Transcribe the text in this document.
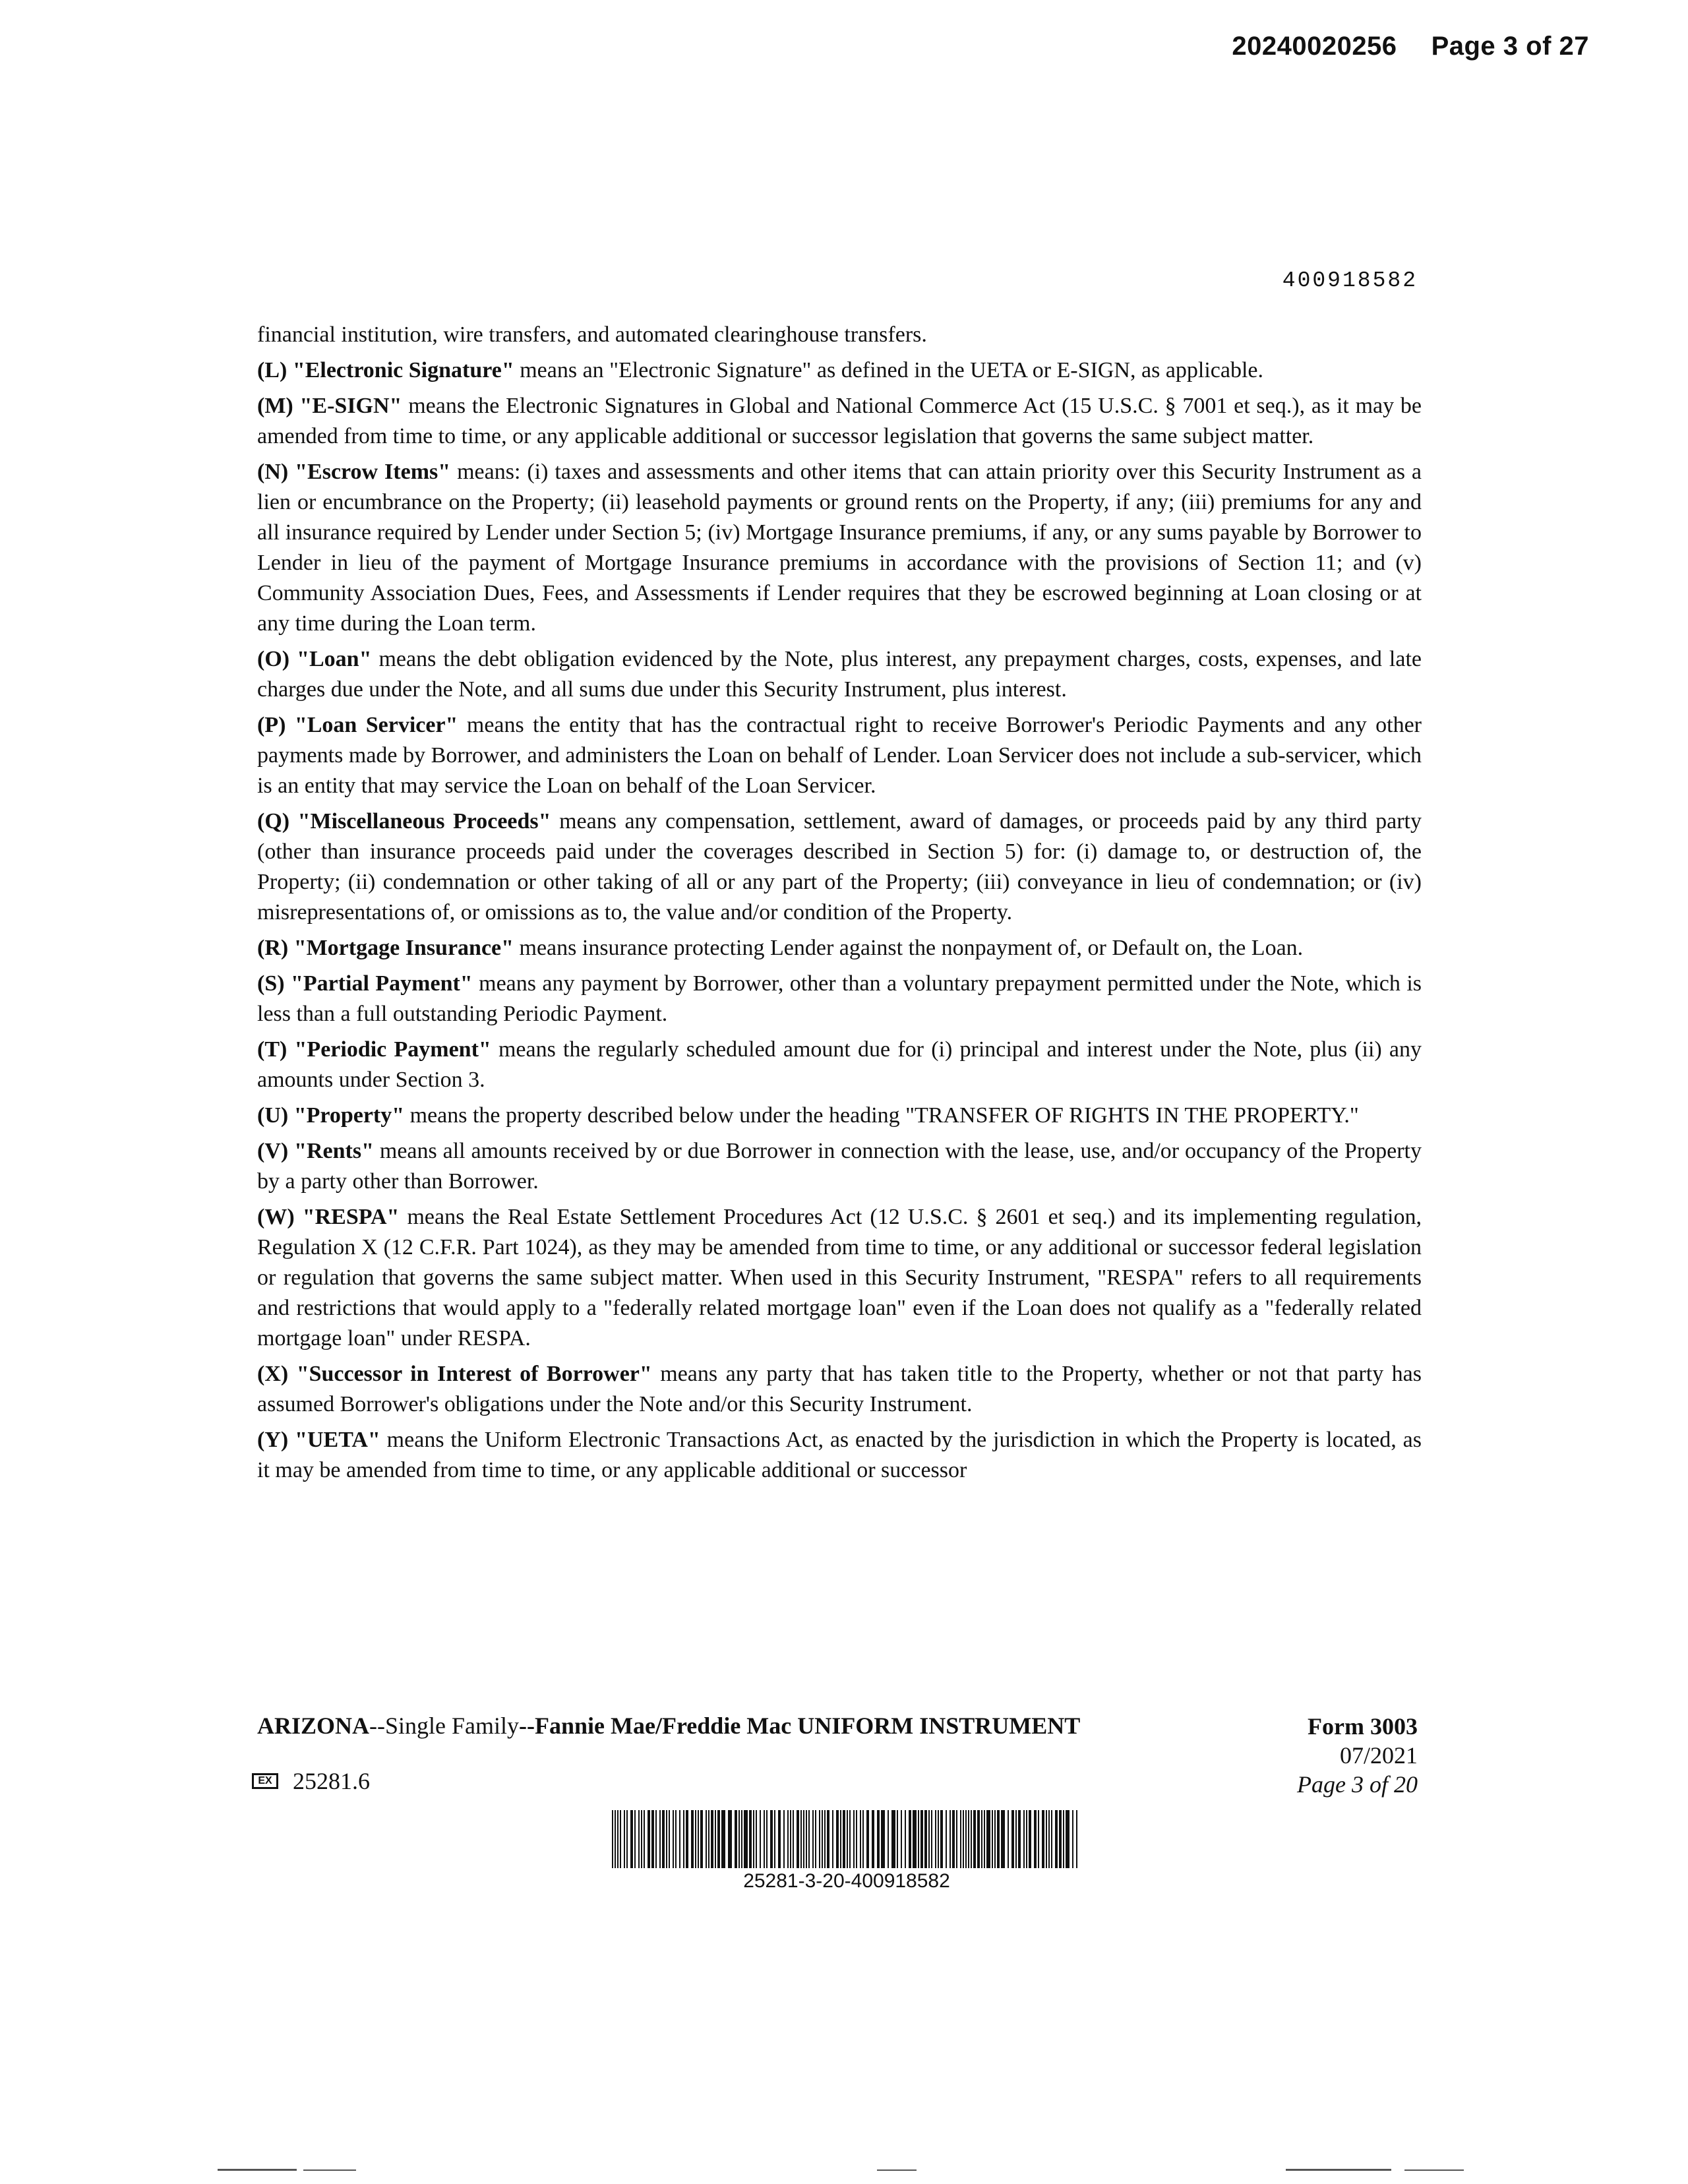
20240020256 Page 3 of 27
400918582

financial institution, wire transfers, and automated clearinghouse transfers.

(L) "Electronic Signature" means an "Electronic Signature" as defined in the UETA or E-SIGN, as applicable.

(M) "E-SIGN" means the Electronic Signatures in Global and National Commerce Act (15 U.S.C. § 7001 et seq.), as it may be amended from time to time, or any applicable additional or successor legislation that governs the same subject matter.

(N) "Escrow Items" means: (i) taxes and assessments and other items that can attain priority over this Security Instrument as a lien or encumbrance on the Property; (ii) leasehold payments or ground rents on the Property, if any; (iii) premiums for any and all insurance required by Lender under Section 5; (iv) Mortgage Insurance premiums, if any, or any sums payable by Borrower to Lender in lieu of the payment of Mortgage Insurance premiums in accordance with the provisions of Section 11; and (v) Community Association Dues, Fees, and Assessments if Lender requires that they be escrowed beginning at Loan closing or at any time during the Loan term.

(O) "Loan" means the debt obligation evidenced by the Note, plus interest, any prepayment charges, costs, expenses, and late charges due under the Note, and all sums due under this Security Instrument, plus interest.

(P) "Loan Servicer" means the entity that has the contractual right to receive Borrower's Periodic Payments and any other payments made by Borrower, and administers the Loan on behalf of Lender. Loan Servicer does not include a sub-servicer, which is an entity that may service the Loan on behalf of the Loan Servicer.

(Q) "Miscellaneous Proceeds" means any compensation, settlement, award of damages, or proceeds paid by any third party (other than insurance proceeds paid under the coverages described in Section 5) for: (i) damage to, or destruction of, the Property; (ii) condemnation or other taking of all or any part of the Property; (iii) conveyance in lieu of condemnation; or (iv) misrepresentations of, or omissions as to, the value and/or condition of the Property.

(R) "Mortgage Insurance" means insurance protecting Lender against the nonpayment of, or Default on, the Loan.

(S) "Partial Payment" means any payment by Borrower, other than a voluntary prepayment permitted under the Note, which is less than a full outstanding Periodic Payment.

(T) "Periodic Payment" means the regularly scheduled amount due for (i) principal and interest under the Note, plus (ii) any amounts under Section 3.

(U) "Property" means the property described below under the heading "TRANSFER OF RIGHTS IN THE PROPERTY."

(V) "Rents" means all amounts received by or due Borrower in connection with the lease, use, and/or occupancy of the Property by a party other than Borrower.

(W) "RESPA" means the Real Estate Settlement Procedures Act (12 U.S.C. § 2601 et seq.) and its implementing regulation, Regulation X (12 C.F.R. Part 1024), as they may be amended from time to time, or any additional or successor federal legislation or regulation that governs the same subject matter. When used in this Security Instrument, "RESPA" refers to all requirements and restrictions that would apply to a "federally related mortgage loan" even if the Loan does not qualify as a "federally related mortgage loan" under RESPA.

(X) "Successor in Interest of Borrower" means any party that has taken title to the Property, whether or not that party has assumed Borrower's obligations under the Note and/or this Security Instrument.

(Y) "UETA" means the Uniform Electronic Transactions Act, as enacted by the jurisdiction in which the Property is located, as it may be amended from time to time, or any applicable additional or successor

ARIZONA--Single Family--Fannie Mae/Freddie Mac UNIFORM INSTRUMENT	Form 3003
07/2021
Page 3 of 20
EX 25281.6
25281-3-20-400918582
